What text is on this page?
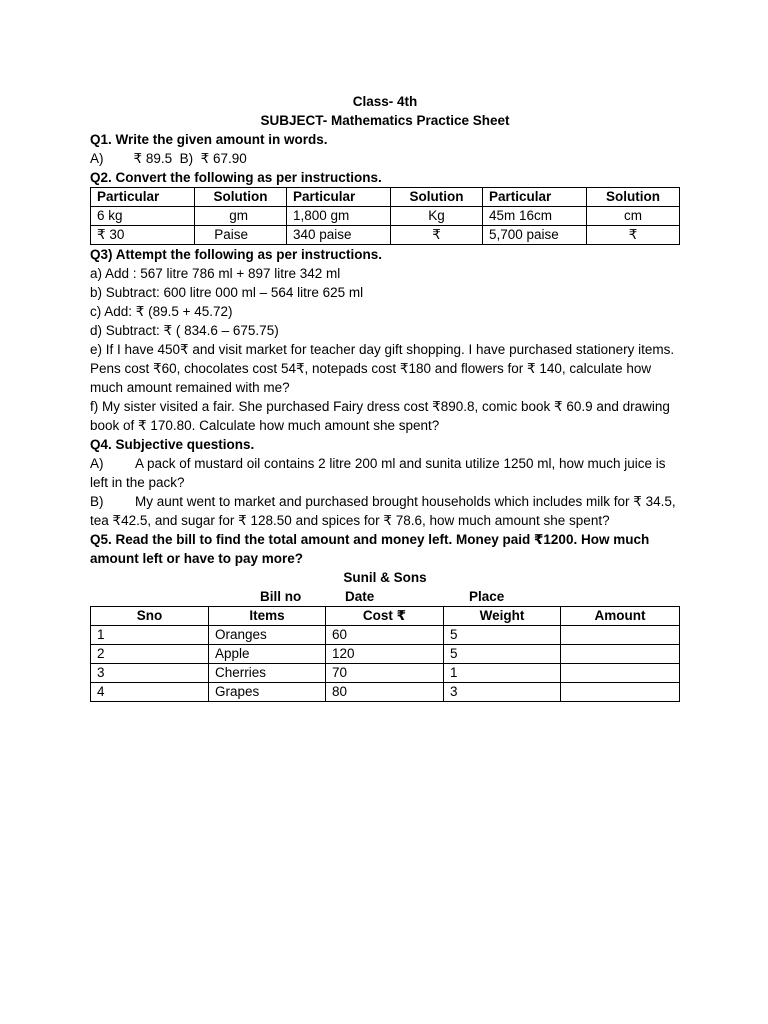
Class- 4th
SUBJECT- Mathematics Practice Sheet
Q1. Write the given amount in words.
A)        ₹ 89.5  B)  ₹ 67.90
Q2. Convert the following as per instructions.
Particular	Solution	Particular	Solution	Particular	Solution
6 kg	gm	1,800 gm	Kg	45m 16cm	cm
₹ 30	Paise	340 paise	₹	5,700 paise	₹
Q3) Attempt the following as per instructions.
a) Add : 567 litre 786 ml + 897 litre 342 ml
b) Subtract: 600 litre 000 ml – 564 litre 625 ml
c) Add: ₹ (89.5 + 45.72)
d) Subtract: ₹ ( 834.6 – 675.75)
e) If I have 450₹ and visit market for teacher day gift shopping. I have purchased stationery items. Pens cost ₹60, chocolates cost 54₹, notepads cost ₹180 and flowers for ₹ 140, calculate how much amount remained with me?
f) My sister visited a fair. She purchased Fairy dress cost ₹890.8, comic book ₹ 60.9 and drawing book of ₹ 170.80. Calculate how much amount she spent?
Q4. Subjective questions.
A) A pack of mustard oil contains 2 litre 200 ml and sunita utilize 1250 ml, how much juice is left in the pack?
B) My aunt went to market and purchased brought households which includes milk for ₹ 34.5, tea ₹42.5, and sugar for ₹ 128.50 and spices for ₹ 78.6, how much amount she spent?
Q5. Read the bill to find the total amount and money left. Money paid ₹1200. How much amount left or have to pay more?
Sunil & Sons
Bill no	Date	Place
Sno	Items	Cost ₹	Weight	Amount
1	Oranges	60	5	
2	Apple	120	5	
3	Cherries	70	1	
4	Grapes	80	3	
